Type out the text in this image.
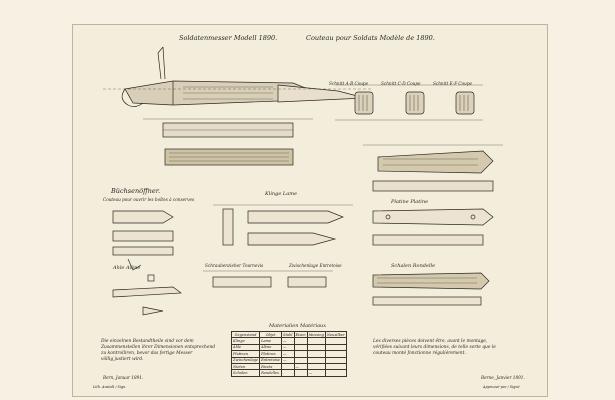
Soldatenmesser Modell 1890.	Couteau pour Soldats Modèle de 1890.
Schnitt A-B Coupe	Schnitt C-D Coupe	Schnitt E-F Coupe
Büchsenöffner.
Couteau pour ouvrir les boîtes à conserves
Klinge Lame
Ahle Alène	Schraubenzieher Tournevis	Zwischenlage Entretoise
Platine Platine
Schalen Rondelle
Materialien Matériaux
Gegenstand	Objet	Stahl	Eisen	Messing	Neusilber
Klinge	Lame	—			
Ahle	Alène	—			
Platinen	Platines	—			
Zwischenlage	Entretoise	—			
Nieten	Rivets		—		
Schalen	Rondelles			—	
Die einzelnen Bestandtheile sind vor dem
Zusammenstellen ihrer Dimensionen entsprechend
zu kontrolliren, bevor das fertige Messer
völlig justiert wird.
Les diverses pièces doivent être, avant le montage,
vérifiées suivant leurs dimensions, de telle sorte que le
couteau monté fonctionne régulièrement.
Bern, Januar 1891.	Berne, Janvier 1891.
Lith. Anstalt / Sign.	Approuvé par / Signé
